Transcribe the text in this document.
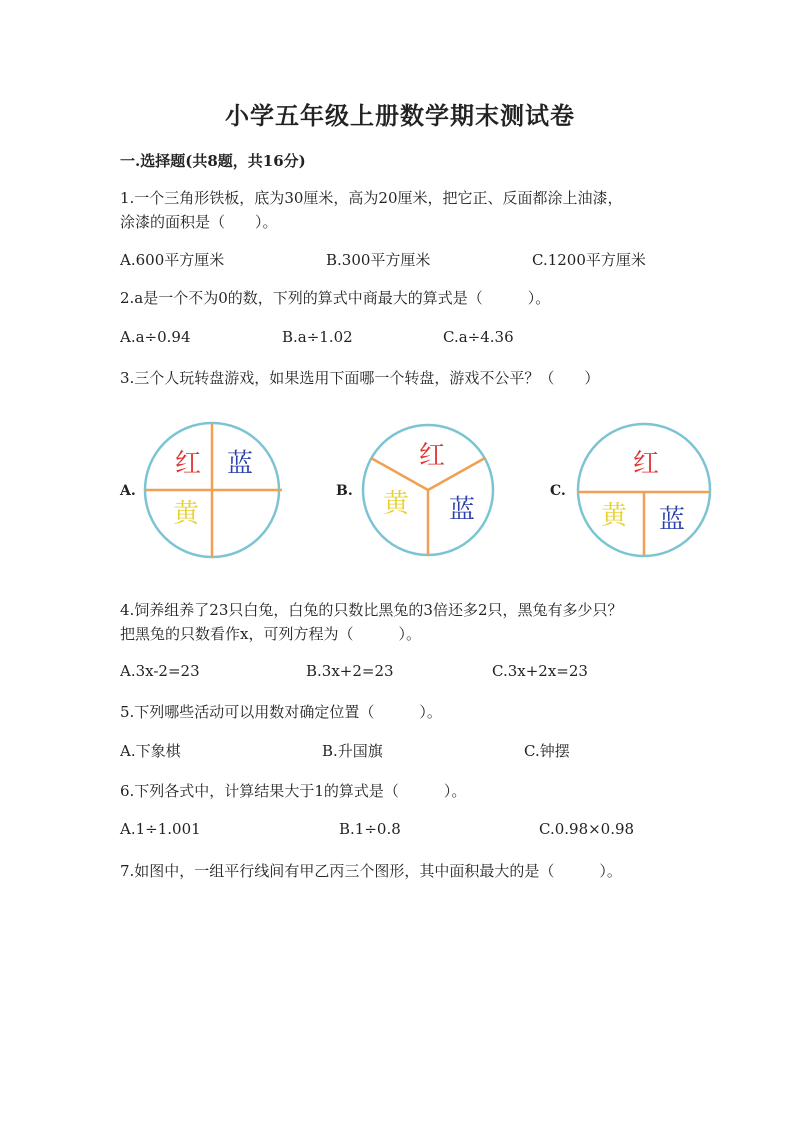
小学五年级上册数学期末测试卷
一.选择题(共8题，共16分)
1.一个三角形铁板，底为30厘米，高为20厘米，把它正、反面都涂上油漆，
涂漆的面积是（　　）。
A.600平方厘米	B.300平方厘米	C.1200平方厘米
2.a是一个不为0的数，下列的算式中商最大的算式是（　　　）。
A.a÷0.94	B.a÷1.02	C.a÷4.36
3.三个人玩转盘游戏，如果选用下面哪一个转盘，游戏不公平？（　　）
A.	B.	C.
红 蓝
黄
红
黄 蓝
红
黄 蓝
4.饲养组养了23只白兔，白兔的只数比黑兔的3倍还多2只，黑兔有多少只？
把黑兔的只数看作x，可列方程为（　　　）。
A.3x-2=23	B.3x+2=23	C.3x+2x=23
5.下列哪些活动可以用数对确定位置（　　　）。
A.下象棋	B.升国旗	C.钟摆
6.下列各式中，计算结果大于1的算式是（　　　）。
A.1÷1.001	B.1÷0.8	C.0.98×0.98
7.如图中，一组平行线间有甲乙丙三个图形，其中面积最大的是（　　　）。
